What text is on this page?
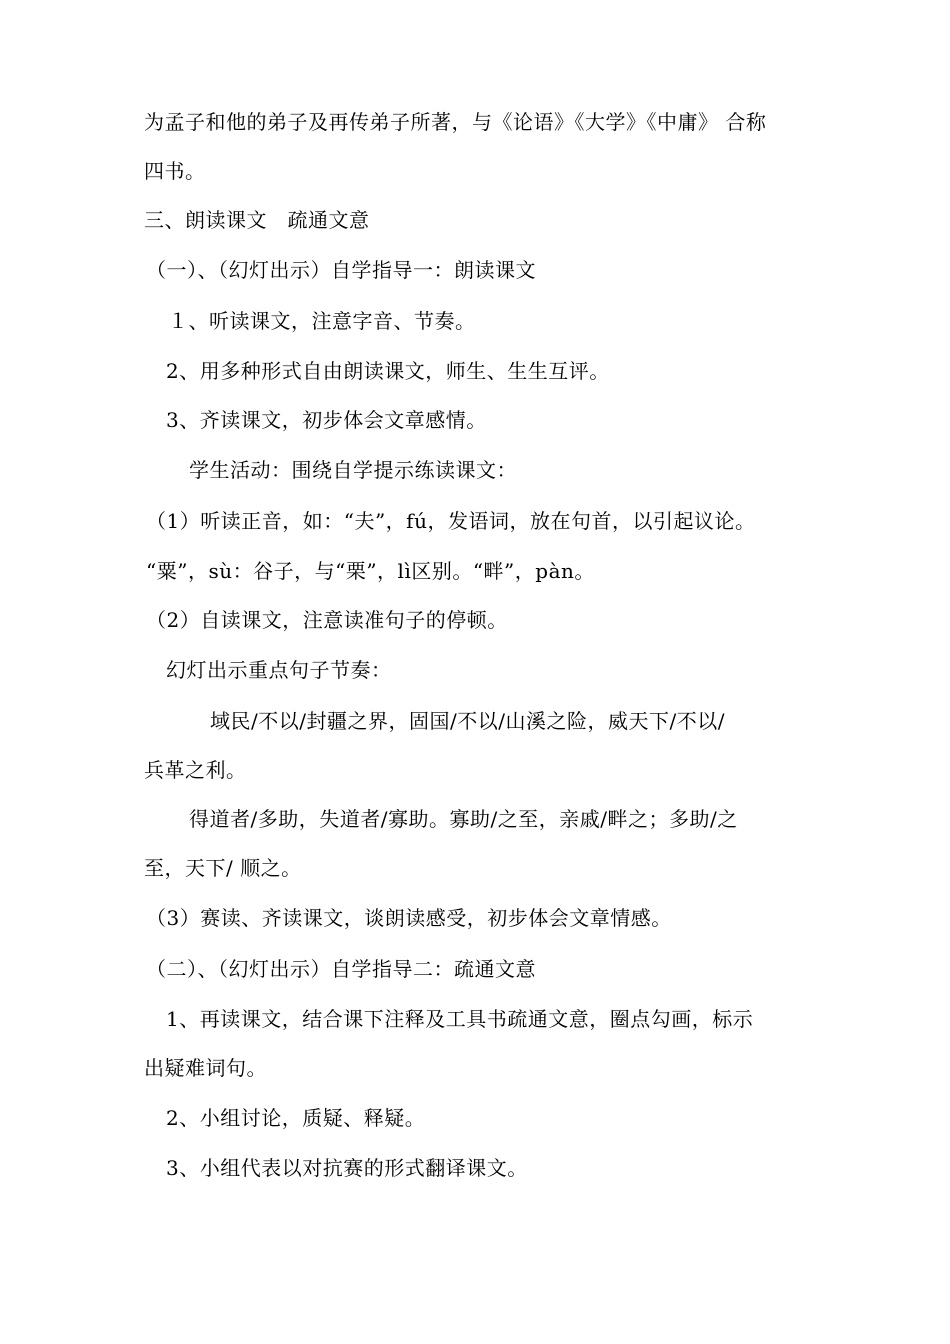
为孟子和他的弟子及再传弟子所著，与《论语》《大学》《中庸》 合称
四书。
三、朗读课文　疏通文意
（一）、（幻灯出示）自学指导一：朗读课文
１、听读课文，注意字音、节奏。
2、用多种形式自由朗读课文，师生、生生互评。
3、齐读课文，初步体会文章感情。
学生活动：围绕自学提示练读课文：
（1）听读正音，如：“夫”，fú，发语词，放在句首，以引起议论。
“粟”，sù：谷子，与“栗”，lì区别。“畔”，pàn。
（2）自读课文，注意读准句子的停顿。
幻灯出示重点句子节奏：
域民/不以/封疆之界，固国/不以/山溪之险，威天下/不以/
兵革之利。
得道者/多助，失道者/寡助。寡助/之至，亲戚/畔之；多助/之
至，天下/ 顺之。
（3）赛读、齐读课文，谈朗读感受，初步体会文章情感。
（二）、（幻灯出示）自学指导二：疏通文意
1、再读课文，结合课下注释及工具书疏通文意，圈点勾画，标示
出疑难词句。
2、小组讨论，质疑、释疑。
3、小组代表以对抗赛的形式翻译课文。
